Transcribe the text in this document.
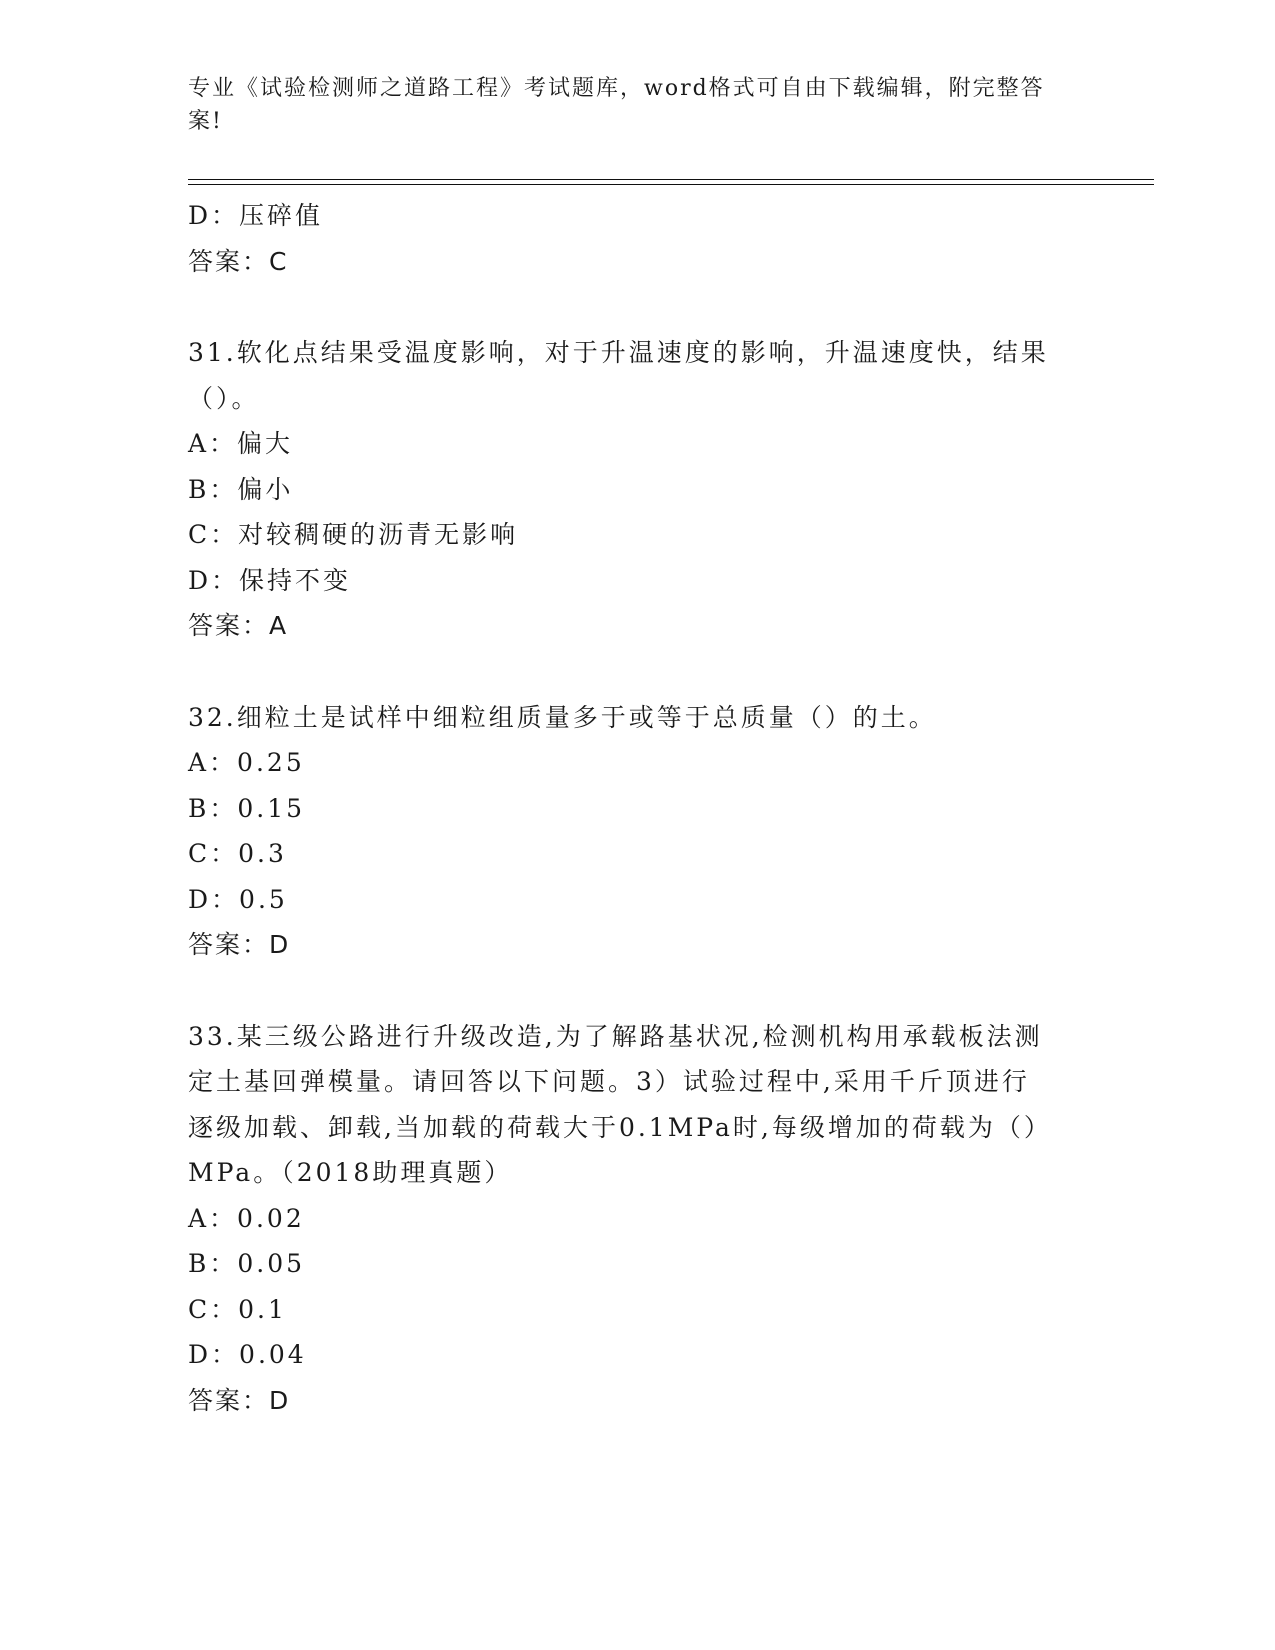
专业《试验检测师之道路工程》考试题库，word格式可自由下载编辑，附完整答
案!
D：压碎值
答案：C
31.软化点结果受温度影响，对于升温速度的影响，升温速度快，结果
（）。
A：偏大
B：偏小
C：对较稠硬的沥青无影响
D：保持不变
答案：A
32.细粒土是试样中细粒组质量多于或等于总质量（）的土。
A：0.25
B：0.15
C：0.3
D：0.5
答案：D
33.某三级公路进行升级改造,为了解路基状况,检测机构用承载板法测
定土基回弹模量。请回答以下问题。3）试验过程中,采用千斤顶进行
逐级加载、卸载,当加载的荷载大于0.1MPa时,每级增加的荷载为（）
MPa。（2018助理真题）
A：0.02
B：0.05
C：0.1
D：0.04
答案：D
